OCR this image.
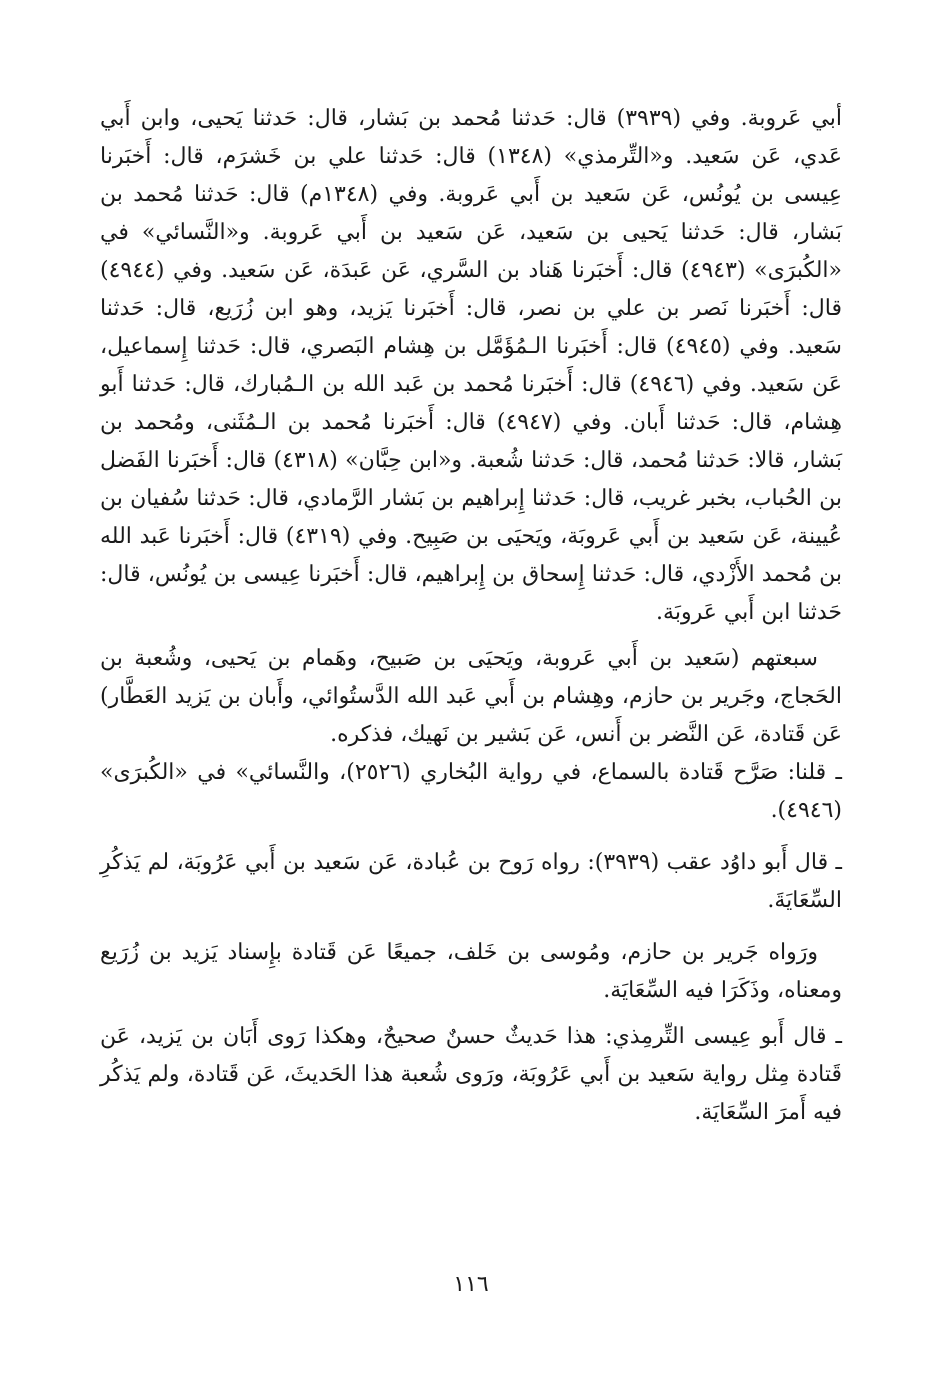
أبي عَروبة. وفي (٣٩٣٩) قال: حَدثنا مُحمد بن بَشار، قال: حَدثنا يَحيى، وابن أَبي عَدي، عَن سَعيد. و«التِّرمذي» (١٣٤٨) قال: حَدثنا علي بن خَشرَم، قال: أَخبَرنا عِيسى بن يُونُس، عَن سَعيد بن أَبي عَروبة. وفي (١٣٤٨م) قال: حَدثنا مُحمد بن بَشار، قال: حَدثنا يَحيى بن سَعيد، عَن سَعيد بن أَبي عَروبة. و«النَّسائي» في «الكُبرَى» (٤٩٤٣) قال: أَخبَرنا هَناد بن السَّري، عَن عَبدَة، عَن سَعيد. وفي (٤٩٤٤) قال: أَخبَرنا نَصر بن علي بن نصر، قال: أَخبَرنا يَزيد، وهو ابن زُرَيع، قال: حَدثنا سَعيد. وفي (٤٩٤٥) قال: أَخبَرنا الـمُؤَمَّل بن هِشام البَصري، قال: حَدثنا إِسماعيل، عَن سَعيد. وفي (٤٩٤٦) قال: أَخبَرنا مُحمد بن عَبد الله بن الـمُبارك، قال: حَدثنا أَبو هِشام، قال: حَدثنا أَبان. وفي (٤٩٤٧) قال: أَخبَرنا مُحمد بن الـمُثَنى، ومُحمد بن بَشار، قالا: حَدثنا مُحمد، قال: حَدثنا شُعبة. و«ابن حِبَّان» (٤٣١٨) قال: أَخبَرنا الفَضل بن الحُباب، بخبر غريب، قال: حَدثنا إِبراهيم بن بَشار الرَّمادي، قال: حَدثنا سُفيان بن عُيينة، عَن سَعيد بن أَبي عَروبَة، ويَحيَى بن صَبِيح. وفي (٤٣١٩) قال: أَخبَرنا عَبد الله بن مُحمد الأَزْدي، قال: حَدثنا إِسحاق بن إِبراهيم، قال: أَخبَرنا عِيسى بن يُونُس، قال: حَدثنا ابن أَبي عَروبَة.

سبعتهم (سَعيد بن أَبي عَروبة، ويَحيَى بن صَبيح، وهَمام بن يَحيى، وشُعبة بن الحَجاج، وجَرير بن حازم، وهِشام بن أَبي عَبد الله الدَّستُوائي، وأَبان بن يَزيد العَطَّار) عَن قَتادة، عَن النَّضر بن أَنس، عَن بَشير بن نَهيك، فذكره.

ـ قلنا: صَرَّح قَتادة بالسماع، في رواية البُخاري (٢٥٢٦)، والنَّسائي» في «الكُبرَى» (٤٩٤٦).

ـ قال أَبو داوُد عقب (٣٩٣٩): رواه رَوح بن عُبادة، عَن سَعيد بن أَبي عَرُوبَة، لم يَذكُرِ السِّعَايَةَ.

ورَواه جَرير بن حازم، ومُوسى بن خَلف، جميعًا عَن قَتادة بإِسناد يَزيد بن زُرَيع ومعناه، وذَكَرَا فيه السِّعَايَة.

ـ قال أَبو عِيسى التِّرمِذي: هذا حَديثٌ حسنٌ صحيحٌ، وهكذا رَوى أَبَان بن يَزيد، عَن قَتادة مِثل رواية سَعيد بن أَبي عَرُوبَة، ورَوى شُعبة هذا الحَديثَ، عَن قَتادة، ولم يَذكُر فيه أَمرَ السِّعَايَة.

١١٦
